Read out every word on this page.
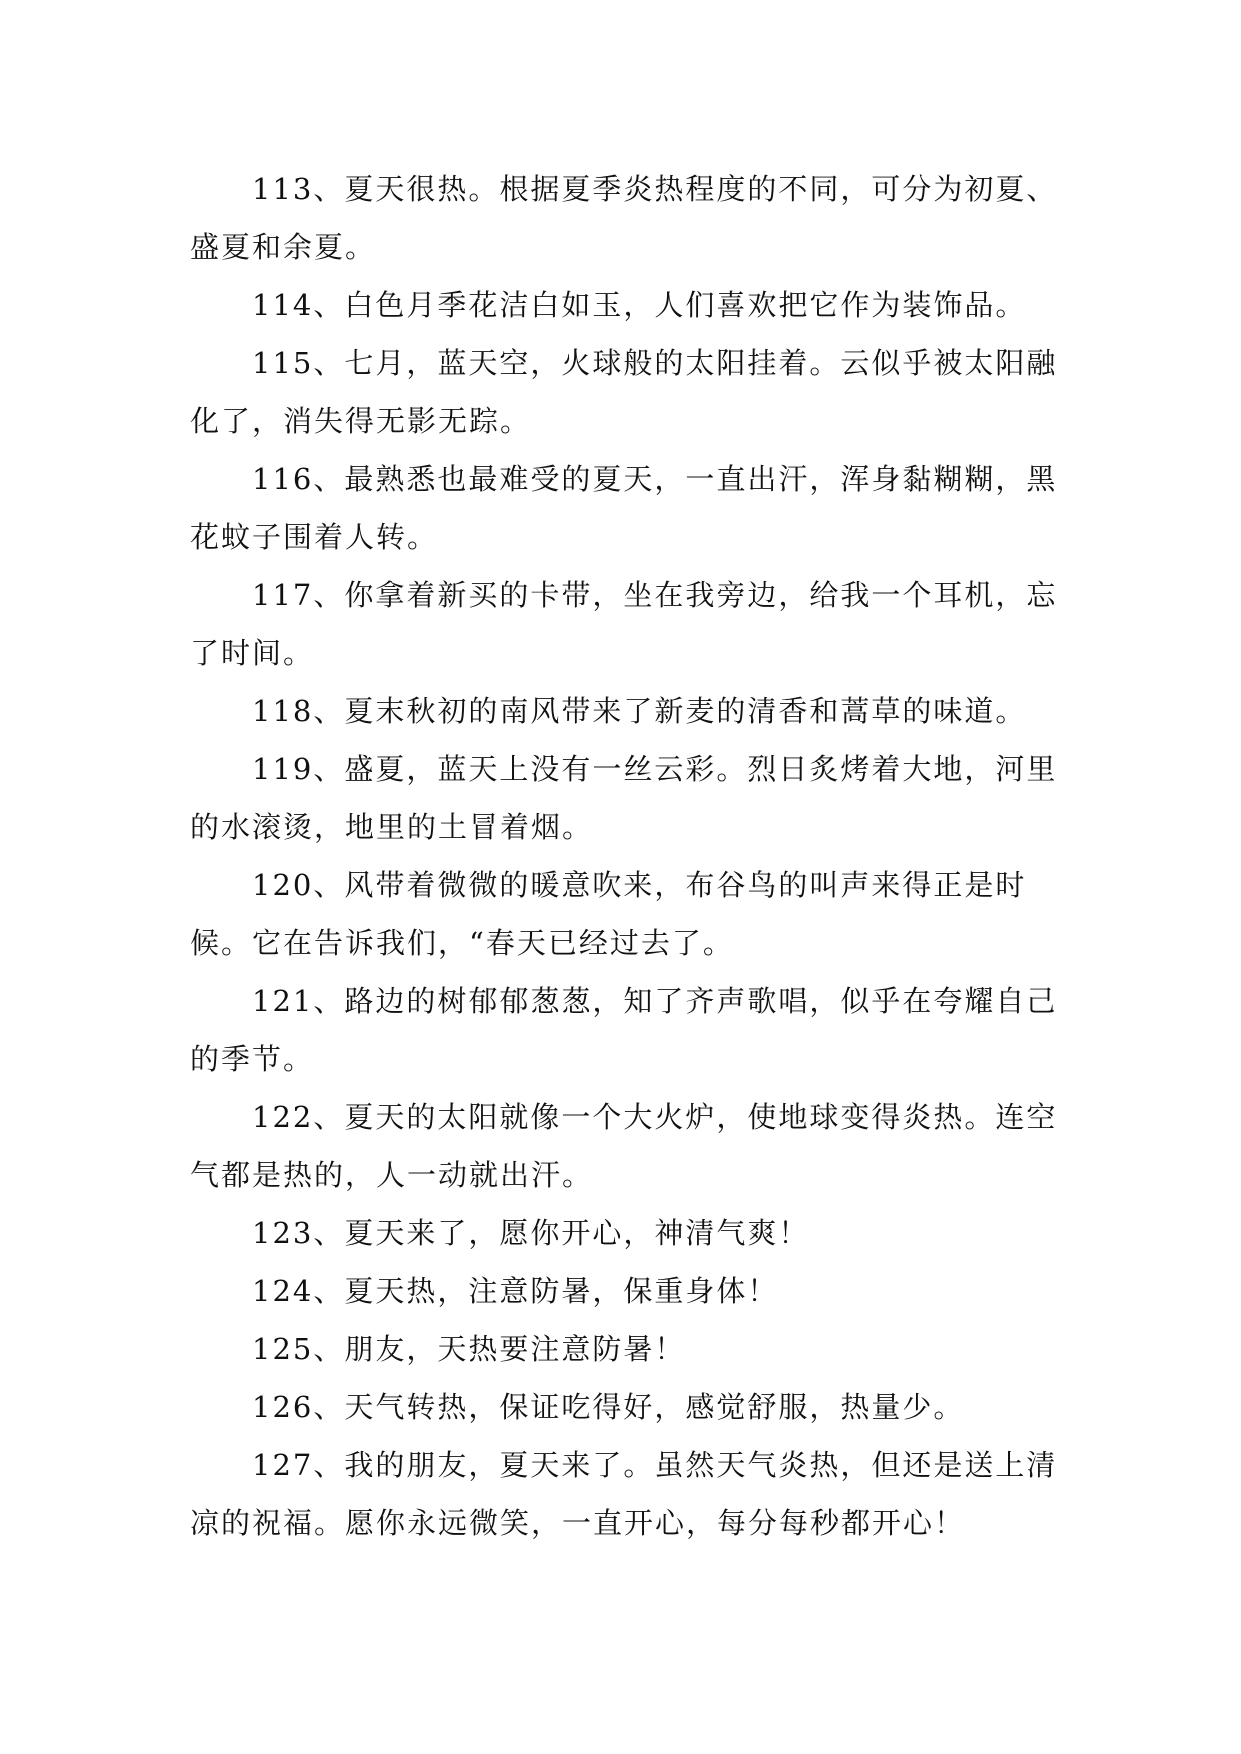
113、夏天很热。根据夏季炎热程度的不同，可分为初夏、盛夏和余夏。

114、白色月季花洁白如玉，人们喜欢把它作为装饰品。

115、七月，蓝天空，火球般的太阳挂着。云似乎被太阳融化了，消失得无影无踪。

116、最熟悉也最难受的夏天，一直出汗，浑身黏糊糊，黑花蚊子围着人转。

117、你拿着新买的卡带，坐在我旁边，给我一个耳机，忘了时间。

118、夏末秋初的南风带来了新麦的清香和蒿草的味道。

119、盛夏，蓝天上没有一丝云彩。烈日炙烤着大地，河里的水滚烫，地里的土冒着烟。

120、风带着微微的暖意吹来，布谷鸟的叫声来得正是时候。它在告诉我们，“春天已经过去了。

121、路边的树郁郁葱葱，知了齐声歌唱，似乎在夸耀自己的季节。

122、夏天的太阳就像一个大火炉，使地球变得炎热。连空气都是热的，人一动就出汗。

123、夏天来了，愿你开心，神清气爽！

124、夏天热，注意防暑，保重身体！

125、朋友，天热要注意防暑！

126、天气转热，保证吃得好，感觉舒服，热量少。

127、我的朋友，夏天来了。虽然天气炎热，但还是送上清凉的祝福。愿你永远微笑，一直开心，每分每秒都开心！
